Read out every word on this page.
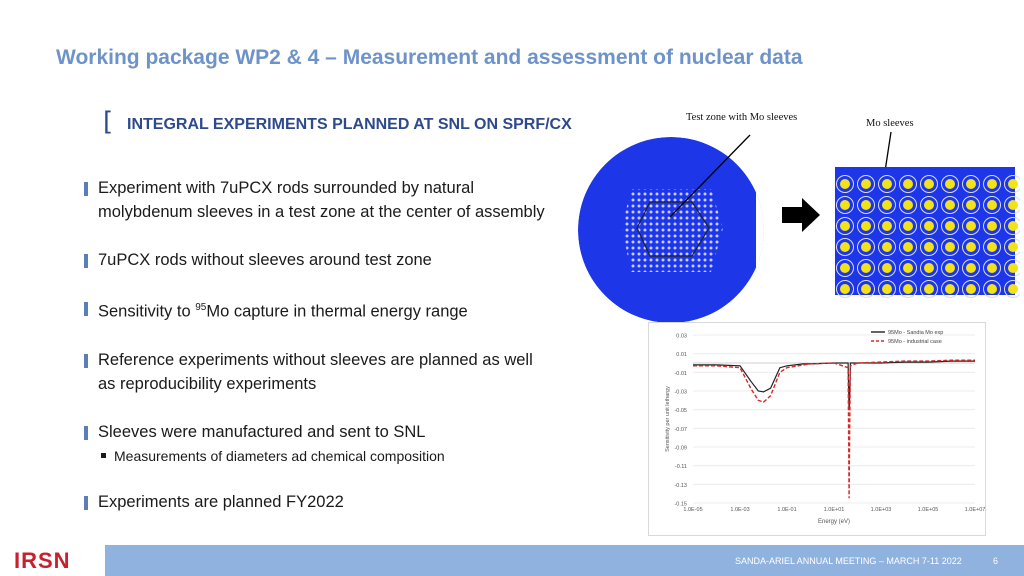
Working package WP2 & 4 – Measurement and assessment of nuclear data
[ INTEGRAL EXPERIMENTS PLANNED AT SNL ON SPRF/CX
Experiment with 7uPCX rods surrounded by natural molybdenum sleeves in a test zone at the center of assembly
7uPCX rods without sleeves around test zone
Sensitivity to $^{95}$Mo capture in thermal energy range
Reference experiments without sleeves are planned as well as reproducibility experiments
Sleeves were manufactured and sent to SNL
Measurements of diameters ad chemical composition
Experiments are planned FY2022
Test zone with Mo sleeves
Mo sleeves
0.03
0.01
-0.01
-0.03
-0.05
-0.07
-0.09
-0.11
-0.13
-0.15
1.0E-05	1.0E-03	1.0E-01	1.0E+01	1.0E+03	1.0E+05	1.0E+07
Energy (eV)
Sensitivity per unit lethargy
95Mo - Sandia Mo exp
95Mo - industrial case
IRSN	SANDA-ARIEL ANNUAL MEETING – MARCH 7-11 2022	6
